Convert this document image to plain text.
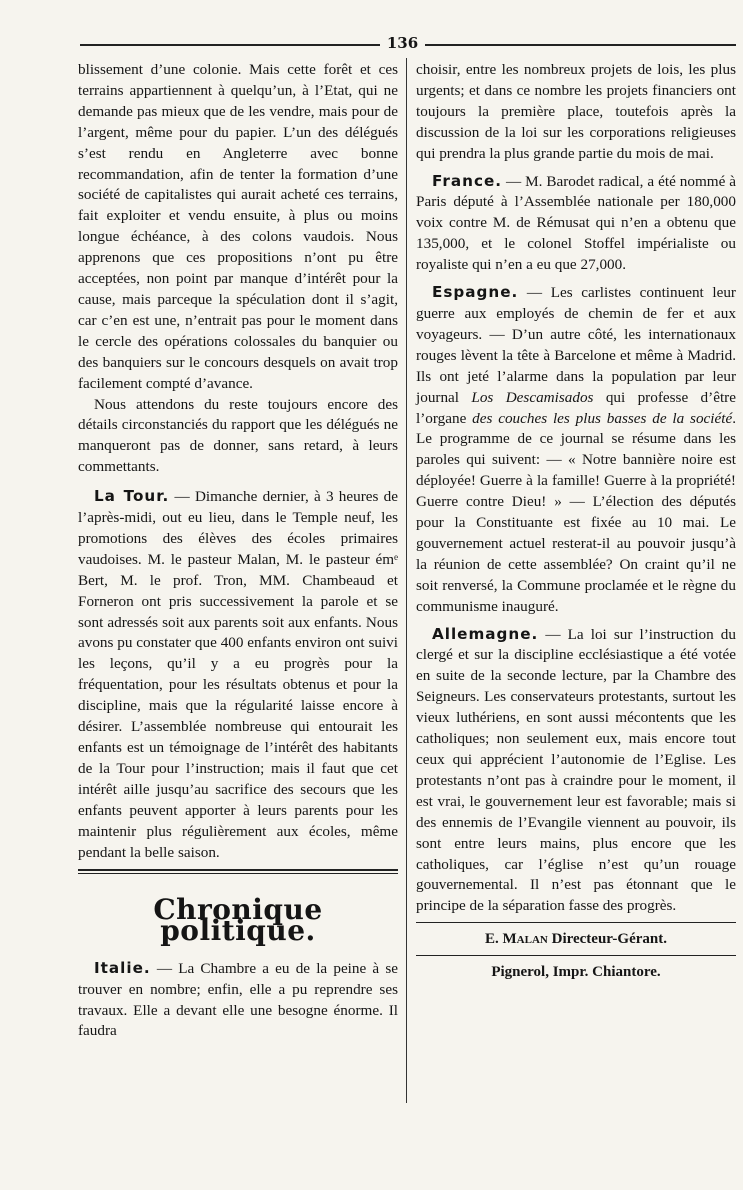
136

blissement d’une colonie. Mais cette forêt et ces terrains appartiennent à quelqu’un, à l’Etat, qui ne demande pas mieux que de les vendre, mais pour de l’argent, même pour du papier. L’un des délégués s’est rendu en Angleterre avec bonne recommandation, afin de tenter la formation d’une société de capitalistes qui aurait acheté ces terrains, fait exploiter et vendu ensuite, à plus ou moins longue échéance, à des colons vaudois. Nous apprenons que ces propositions n’ont pu être acceptées, non point par manque d’intérêt pour la cause, mais parceque la spéculation dont il s’agit, car c’en est une, n’entrait pas pour le moment dans le cercle des opérations colossales du banquier ou des banquiers sur le concours desquels on avait trop facilement compté d’avance.

Nous attendons du reste toujours encore des détails circonstanciés du rapport que les délégués ne manqueront pas de donner, sans retard, à leurs commettants.

La Tour. — Dimanche dernier, à 3 heures de l’après-midi, out eu lieu, dans le Temple neuf, les promotions des élèves des écoles primaires vaudoises. M. le pasteur Malan, M. le pasteur émᵉ Bert, M. le prof. Tron, MM. Chambeaud et Forneron ont pris successivement la parole et se sont adressés soit aux parents soit aux enfants. Nous avons pu constater que 400 enfants environ ont suivi les leçons, qu’il y a eu progrès pour la fréquentation, pour les résultats obtenus et pour la discipline, mais que la régularité laisse encore à désirer. L’assemblée nombreuse qui entourait les enfants est un témoignage de l’intérêt des habitants de la Tour pour l’instruction; mais il faut que cet intérêt aille jusqu’au sacrifice des secours que les enfants peuvent apporter à leurs parents pour les maintenir plus régulièrement aux écoles, même pendant la belle saison.

Chronique politique.

Italie. — La Chambre a eu de la peine à se trouver en nombre; enfin, elle a pu reprendre ses travaux. Elle a devant elle une besogne énorme. Il faudra

choisir, entre les nombreux projets de lois, les plus urgents; et dans ce nombre les projets financiers ont toujours la première place, toutefois après la discussion de la loi sur les corporations religieuses qui prendra la plus grande partie du mois de mai.

France. — M. Barodet radical, a été nommé à Paris député à l’Assemblée nationale per 180,000 voix contre M. de Rémusat qui n’en a obtenu que 135,000, et le colonel Stoffel impérialiste ou royaliste qui n’en a eu que 27,000.

Espagne. — Les carlistes continuent leur guerre aux employés de chemin de fer et aux voyageurs. — D’un autre côté, les internationaux rouges lèvent la tête à Barcelone et même à Madrid. Ils ont jeté l’alarme dans la population par leur journal Los Descamisados qui professe d’être l’organe des couches les plus basses de la société. Le programme de ce journal se résume dans les paroles qui suivent: — « Notre bannière noire est déployée! Guerre à la famille! Guerre à la propriété! Guerre contre Dieu! » — L’élection des députés pour la Constituante est fixée au 10 mai. Le gouvernement actuel resterat-il au pouvoir jusqu’à la réunion de cette assemblée? On craint qu’il ne soit renversé, la Commune proclamée et le règne du communisme inauguré.

Allemagne. — La loi sur l’instruction du clergé et sur la discipline ecclésiastique a été votée en suite de la seconde lecture, par la Chambre des Seigneurs. Les conservateurs protestants, surtout les vieux luthériens, en sont aussi mécontents que les catholiques; non seulement eux, mais encore tout ceux qui apprécient l’autonomie de l’Eglise. Les protestants n’ont pas à craindre pour le moment, il est vrai, le gouvernement leur est favorable; mais si des ennemis de l’Evangile viennent au pouvoir, ils sont entre leurs mains, plus encore que les catholiques, car l’église n’est qu’un rouage gouvernemental. Il n’est pas étonnant que le principe de la séparation fasse des progrès.

E. Malan Directeur-Gérant.
Pignerol, Impr. Chiantore.
